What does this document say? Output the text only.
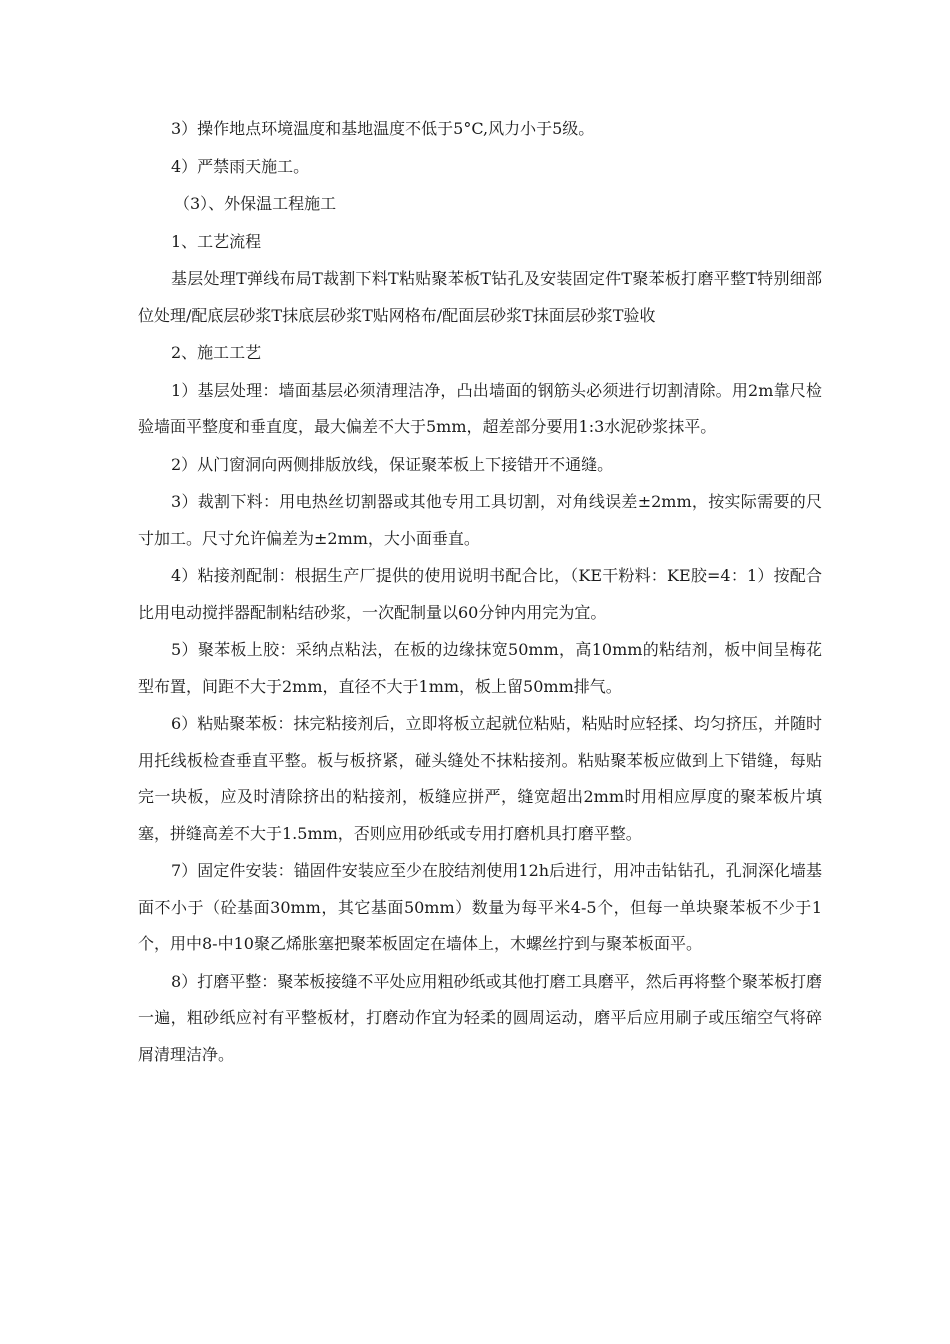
3）操作地点环境温度和基地温度不低于5°C,风力小于5级。

4）严禁雨天施工。

（3）、外保温工程施工

1、工艺流程

基层处理T弹线布局T裁割下料T粘贴聚苯板T钻孔及安装固定件T聚苯板打磨平整T特别细部位处理/配底层砂浆T抹底层砂浆T贴网格布/配面层砂浆T抹面层砂浆T验收

2、施工工艺

1）基层处理：墙面基层必须清理洁净，凸出墙面的钢筋头必须进行切割清除。用2m靠尺检验墙面平整度和垂直度，最大偏差不大于5mm，超差部分要用1:3水泥砂浆抹平。

2）从门窗洞向两侧排版放线，保证聚苯板上下接错开不通缝。

3）裁割下料：用电热丝切割器或其他专用工具切割，对角线误差±2mm，按实际需要的尺寸加工。尺寸允许偏差为±2mm，大小面垂直。

4）粘接剂配制：根据生产厂提供的使用说明书配合比，（KE干粉料：KE胶=4：1）按配合比用电动搅拌器配制粘结砂浆，一次配制量以60分钟内用完为宜。

5）聚苯板上胶：采纳点粘法，在板的边缘抹宽50mm，高10mm的粘结剂，板中间呈梅花型布置，间距不大于2mm，直径不大于1mm，板上留50mm排气。

6）粘贴聚苯板：抹完粘接剂后，立即将板立起就位粘贴，粘贴时应轻揉、均匀挤压，并随时用托线板检查垂直平整。板与板挤紧，碰头缝处不抹粘接剂。粘贴聚苯板应做到上下错缝，每贴完一块板，应及时清除挤出的粘接剂，板缝应拼严，缝宽超出2mm时用相应厚度的聚苯板片填塞，拼缝高差不大于1.5mm，否则应用砂纸或专用打磨机具打磨平整。

7）固定件安装：锚固件安装应至少在胶结剂使用12h后进行，用冲击钻钻孔，孔洞深化墙基面不小于（砼基面30mm，其它基面50mm）数量为每平米4-5个，但每一单块聚苯板不少于1个，用中8-中10聚乙烯胀塞把聚苯板固定在墙体上，木螺丝拧到与聚苯板面平。

8）打磨平整：聚苯板接缝不平处应用粗砂纸或其他打磨工具磨平，然后再将整个聚苯板打磨一遍，粗砂纸应衬有平整板材，打磨动作宜为轻柔的圆周运动，磨平后应用刷子或压缩空气将碎屑清理洁净。
